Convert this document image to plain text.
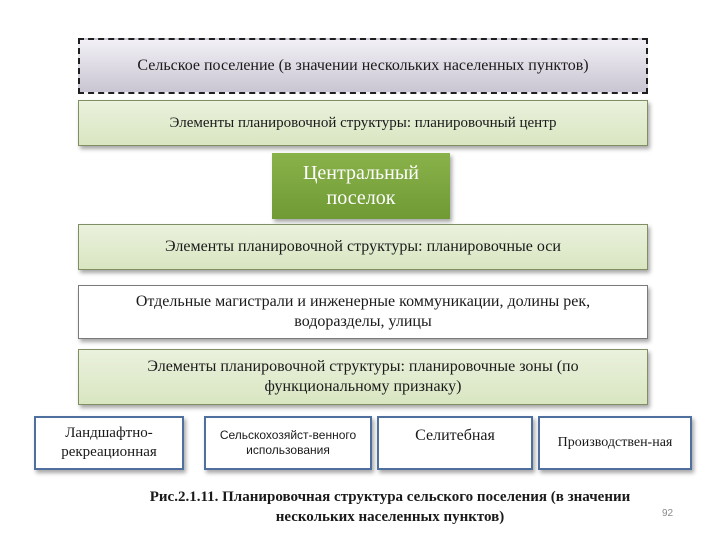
Сельское поселение (в значении нескольких населенных пунктов)
Элементы планировочной структуры: планировочный центр
Центральный поселок
Элементы планировочной структуры: планировочные оси
Отдельные магистрали и инженерные коммуникации, долины рек, водоразделы, улицы
Элементы планировочной структуры: планировочные зоны (по функциональному признаку)
Ландшафтно-рекреационная
Сельскохозяйст-венного использования
Селитебная	Производствен-ная
Рис.2.1.11. Планировочная структура сельского поселения (в значении нескольких населенных пунктов)	92
